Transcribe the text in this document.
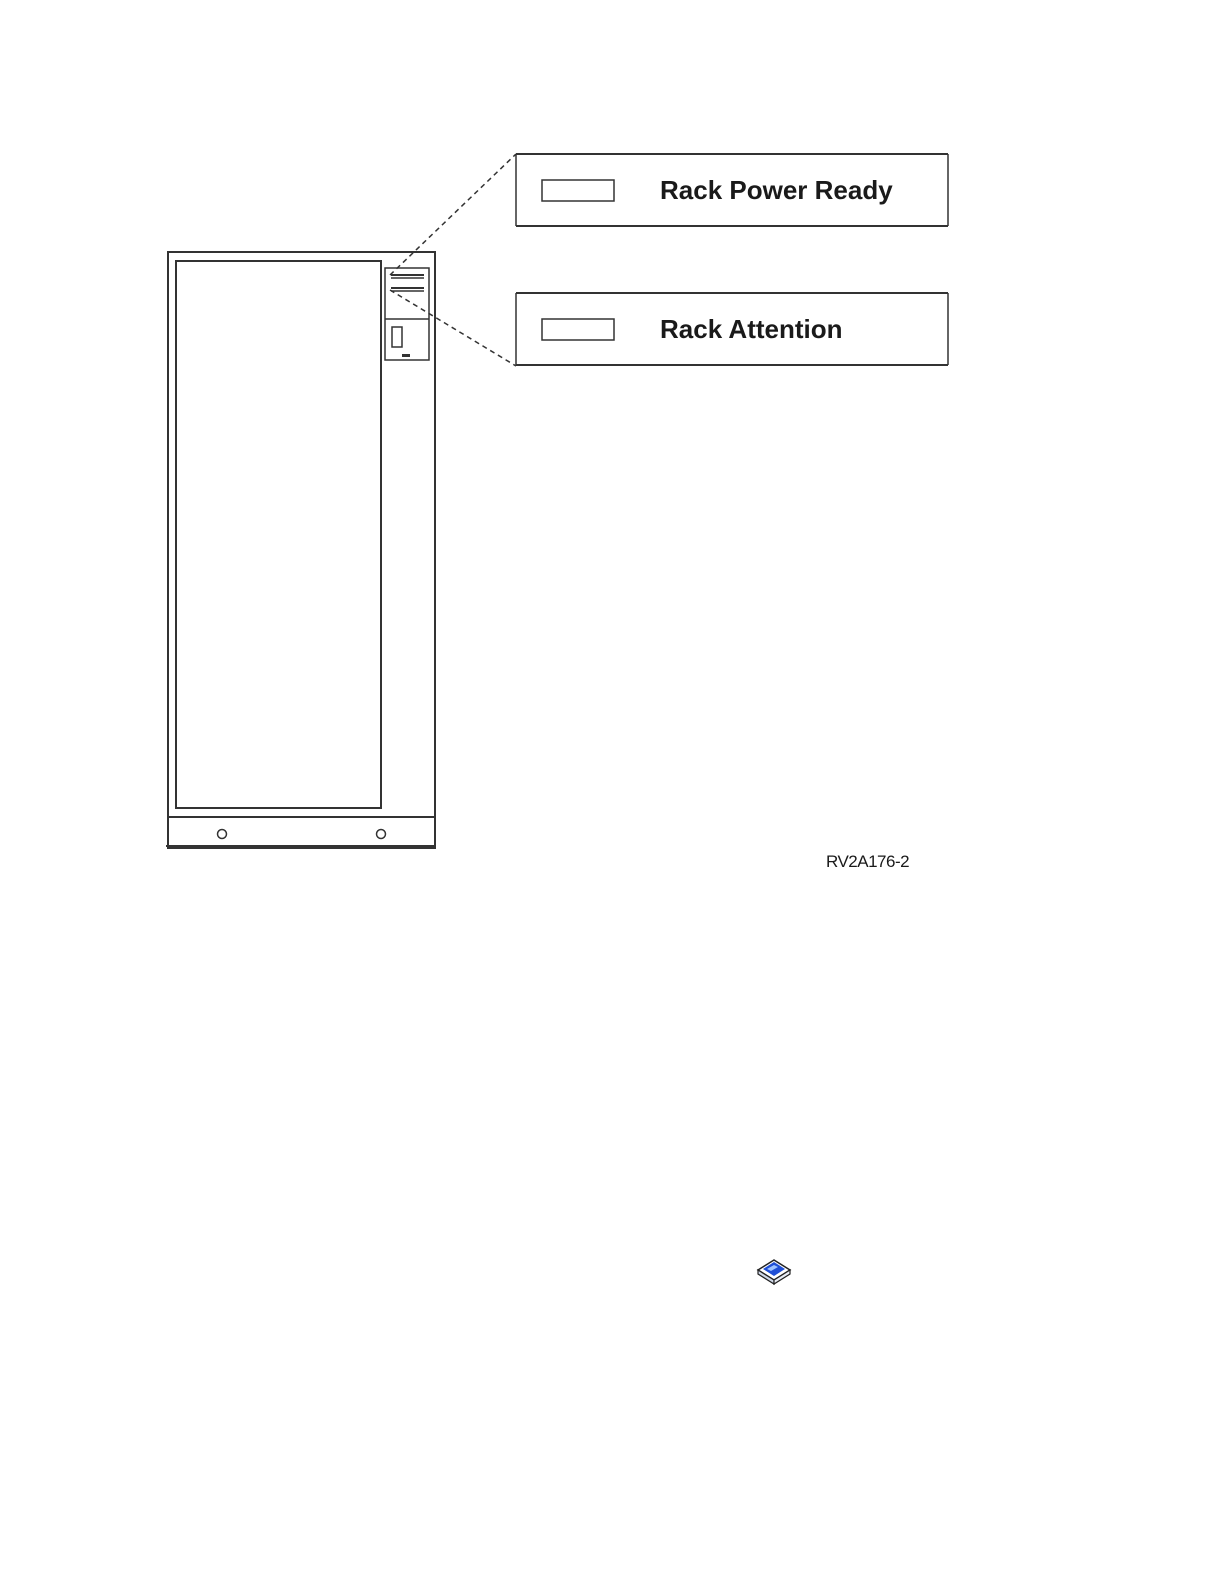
Rack Power Ready
Rack Attention
RV2A176-2
